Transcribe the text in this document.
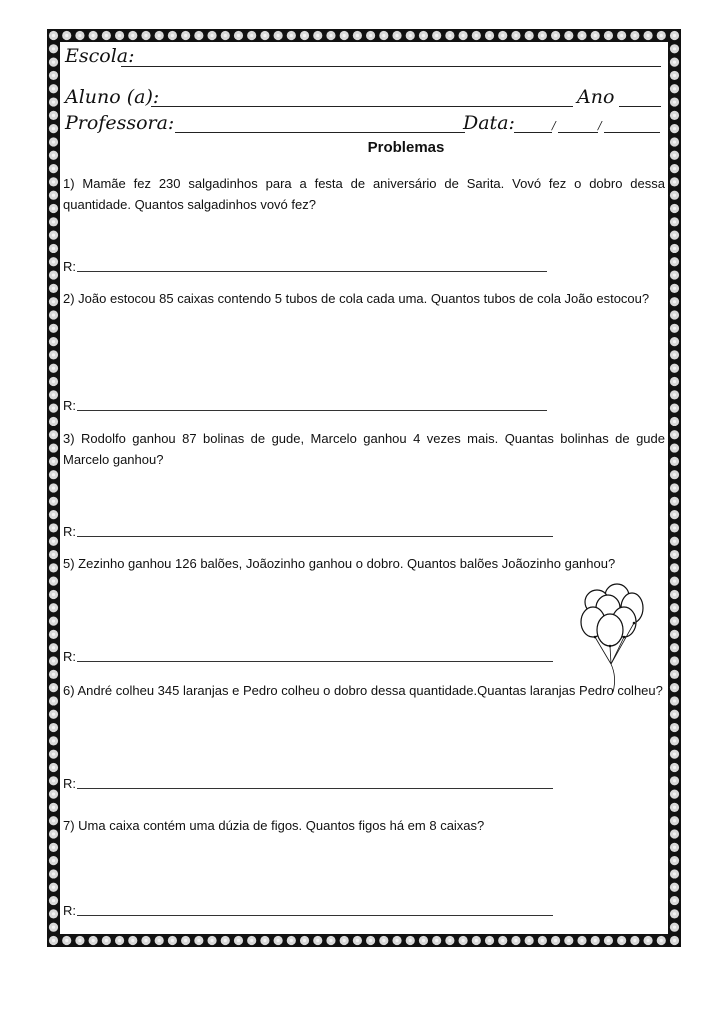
Escola:
Aluno (a):	Ano
Professora:	Data:	/	/
Problemas
1) Mamãe fez 230 salgadinhos para a festa de aniversário de Sarita. Vovó fez o dobro dessa quantidade. Quantos salgadinhos vovó fez?
R:
2) João estocou 85 caixas contendo 5 tubos de cola cada uma. Quantos tubos de cola João estocou?
R:
3) Rodolfo ganhou 87 bolinas de gude, Marcelo ganhou 4 vezes mais. Quantas bolinhas de gude Marcelo ganhou?
R:
5) Zezinho ganhou 126 balões, Joãozinho ganhou o dobro. Quantos balões Joãozinho ganhou?
R:
6) André colheu 345 laranjas e Pedro colheu o dobro dessa quantidade.Quantas laranjas Pedro colheu?
R:
7) Uma caixa contém uma dúzia de figos. Quantos figos há em 8 caixas?
R:
